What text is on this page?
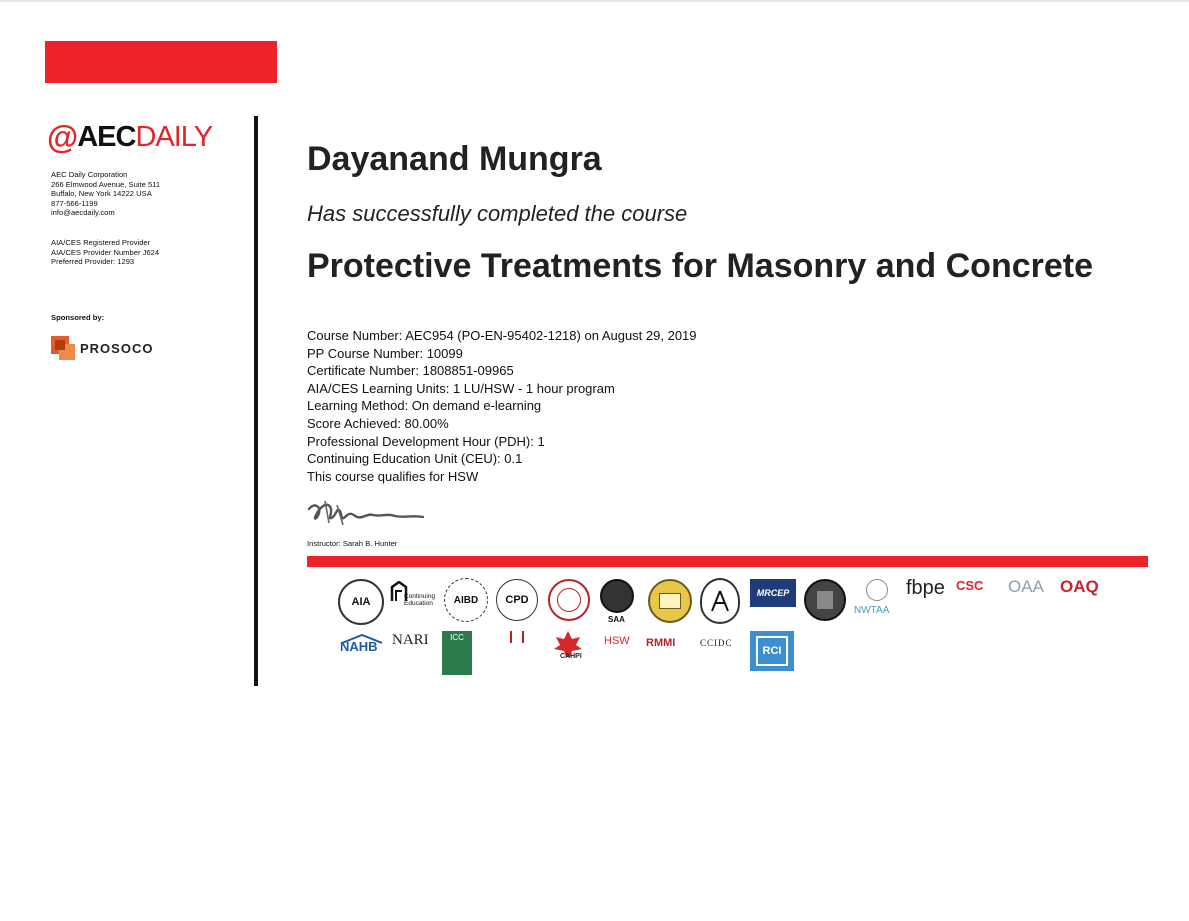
@ AEC DAILY
AEC Daily Corporation
266 Elmwood Avenue, Suite 511
Buffalo, New York 14222 USA
877-566-1199
info@aecdaily.com
AIA/CES Registered Provider
AIA/CES Provider Number J624
Preferred Provider: 1293
Sponsored by:
PROSOCO
Dayanand Mungra
Has successfully completed the course
Protective Treatments for Masonry and Concrete
Course Number: AEC954 (PO-EN-95402-1218) on August 29, 2019
PP Course Number: 10099
Certificate Number: 1808851-09965
AIA/CES Learning Units: 1 LU/HSW - 1 hour program
Learning Method: On demand e-learning
Score Achieved: 80.00%
Professional Development Hour (PDH): 1
Continuing Education Unit (CEU): 0.1
This course qualifies for HSW
Instructor: Sarah B. Hunter
AIA	Continuing Education	AIBD CPD
SAA
MRCEP
NWTAA
fbpe CSC	OAA OAQ
NAHB NARI	ICC
CAHPI
HSW	RMMI	CCIDC
RCI
